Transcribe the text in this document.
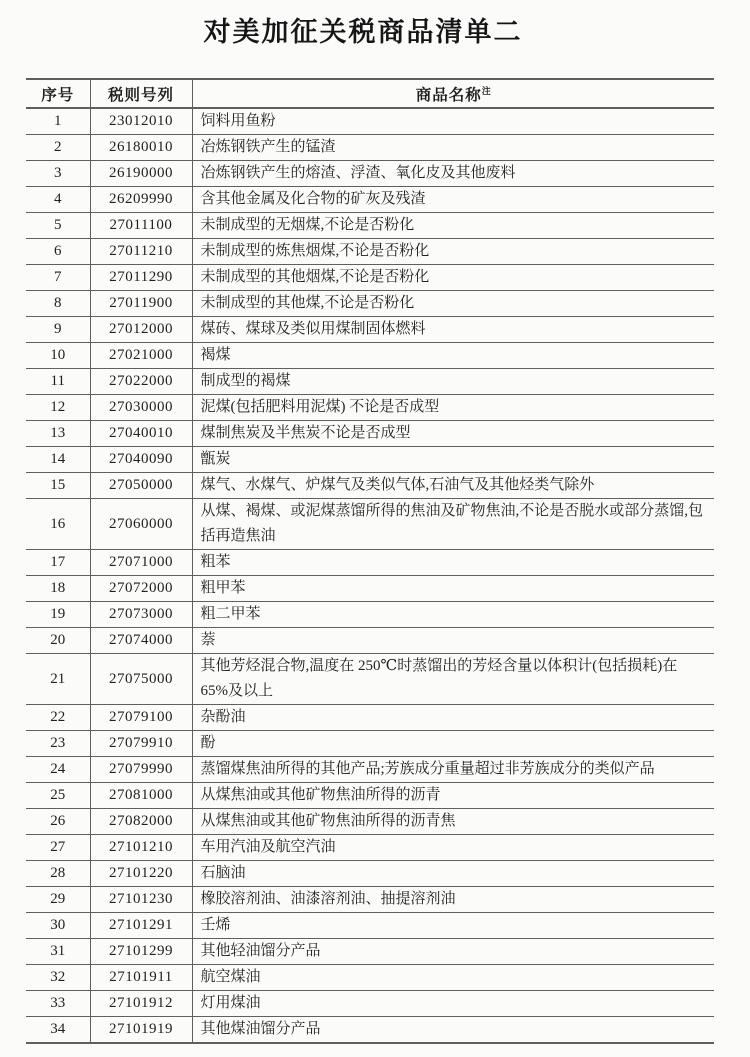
对美加征关税商品清单二
序号	税则号列	商品名称$^注$
1	23012010	饲料用鱼粉
2	26180010	冶炼钢铁产生的锰渣
3	26190000	冶炼钢铁产生的熔渣、浮渣、氧化皮及其他废料
4	26209990	含其他金属及化合物的矿灰及残渣
5	27011100	未制成型的无烟煤,不论是否粉化
6	27011210	未制成型的炼焦烟煤,不论是否粉化
7	27011290	未制成型的其他烟煤,不论是否粉化
8	27011900	未制成型的其他煤,不论是否粉化
9	27012000	煤砖、煤球及类似用煤制固体燃料
10	27021000	褐煤
11	27022000	制成型的褐煤
12	27030000	泥煤(包括肥料用泥煤) 不论是否成型
13	27040010	煤制焦炭及半焦炭不论是否成型
14	27040090	甑炭
15	27050000	煤气、水煤气、炉煤气及类似气体,石油气及其他烃类气除外
16	27060000	从煤、褐煤、或泥煤蒸馏所得的焦油及矿物焦油,不论是否脱水或部分蒸馏,包括再造焦油
17	27071000	粗苯
18	27072000	粗甲苯
19	27073000	粗二甲苯
20	27074000	萘
21	27075000	其他芳烃混合物,温度在 250℃时蒸馏出的芳烃含量以体积计(包括损耗)在 65%及以上
22	27079100	杂酚油
23	27079910	酚
24	27079990	蒸馏煤焦油所得的其他产品;芳族成分重量超过非芳族成分的类似产品
25	27081000	从煤焦油或其他矿物焦油所得的沥青
26	27082000	从煤焦油或其他矿物焦油所得的沥青焦
27	27101210	车用汽油及航空汽油
28	27101220	石脑油
29	27101230	橡胶溶剂油、油漆溶剂油、抽提溶剂油
30	27101291	壬烯
31	27101299	其他轻油馏分产品
32	27101911	航空煤油
33	27101912	灯用煤油
34	27101919	其他煤油馏分产品
